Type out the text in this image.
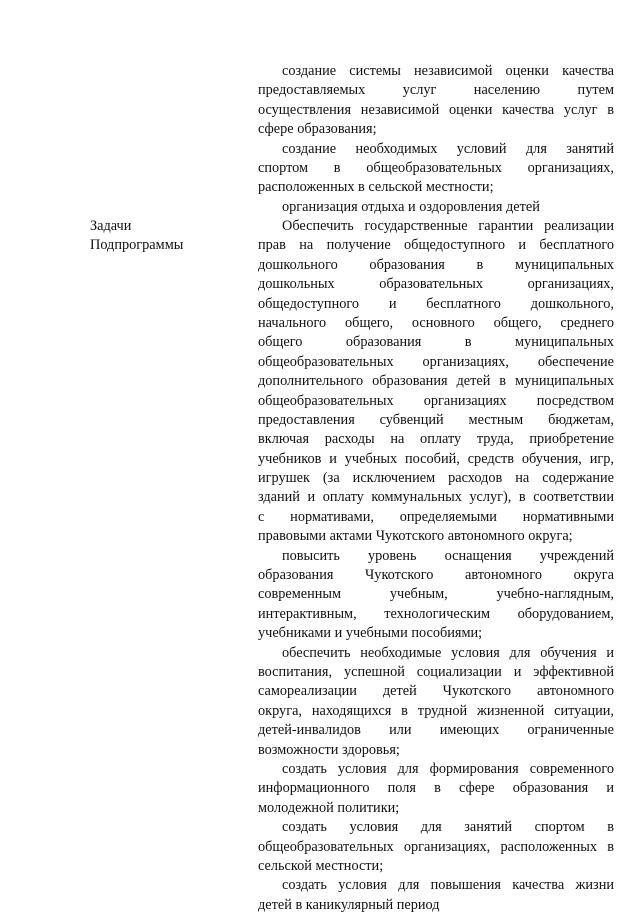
создание системы независимой оценки качества
предоставляемых услуг населению путем
осуществления независимой оценки качества услуг в
сфере образования;
создание необходимых условий для занятий
спортом в общеобразовательных организациях,
расположенных в сельской местности;
организация отдыха и оздоровления детей
Задачи
Подпрограммы
Обеспечить государственные гарантии реализации
прав на получение общедоступного и бесплатного
дошкольного образования в муниципальных
дошкольных образовательных организациях,
общедоступного и бесплатного дошкольного,
начального общего, основного общего, среднего
общего образования в муниципальных
общеобразовательных организациях, обеспечение
дополнительного образования детей в муниципальных
общеобразовательных организациях посредством
предоставления субвенций местным бюджетам,
включая расходы на оплату труда, приобретение
учебников и учебных пособий, средств обучения, игр,
игрушек (за исключением расходов на содержание
зданий и оплату коммунальных услуг), в соответствии
с нормативами, определяемыми нормативными
правовыми актами Чукотского автономного округа;
повысить уровень оснащения учреждений
образования Чукотского автономного округа
современным учебным, учебно-наглядным,
интерактивным, технологическим оборудованием,
учебниками и учебными пособиями;
обеспечить необходимые условия для обучения и
воспитания, успешной социализации и эффективной
самореализации детей Чукотского автономного
округа, находящихся в трудной жизненной ситуации,
детей-инвалидов или имеющих ограниченные
возможности здоровья;
создать условия для формирования современного
информационного поля в сфере образования и
молодежной политики;
создать условия для занятий спортом в
общеобразовательных организациях, расположенных в
сельской местности;
создать условия для повышения качества жизни
детей в каникулярный период
